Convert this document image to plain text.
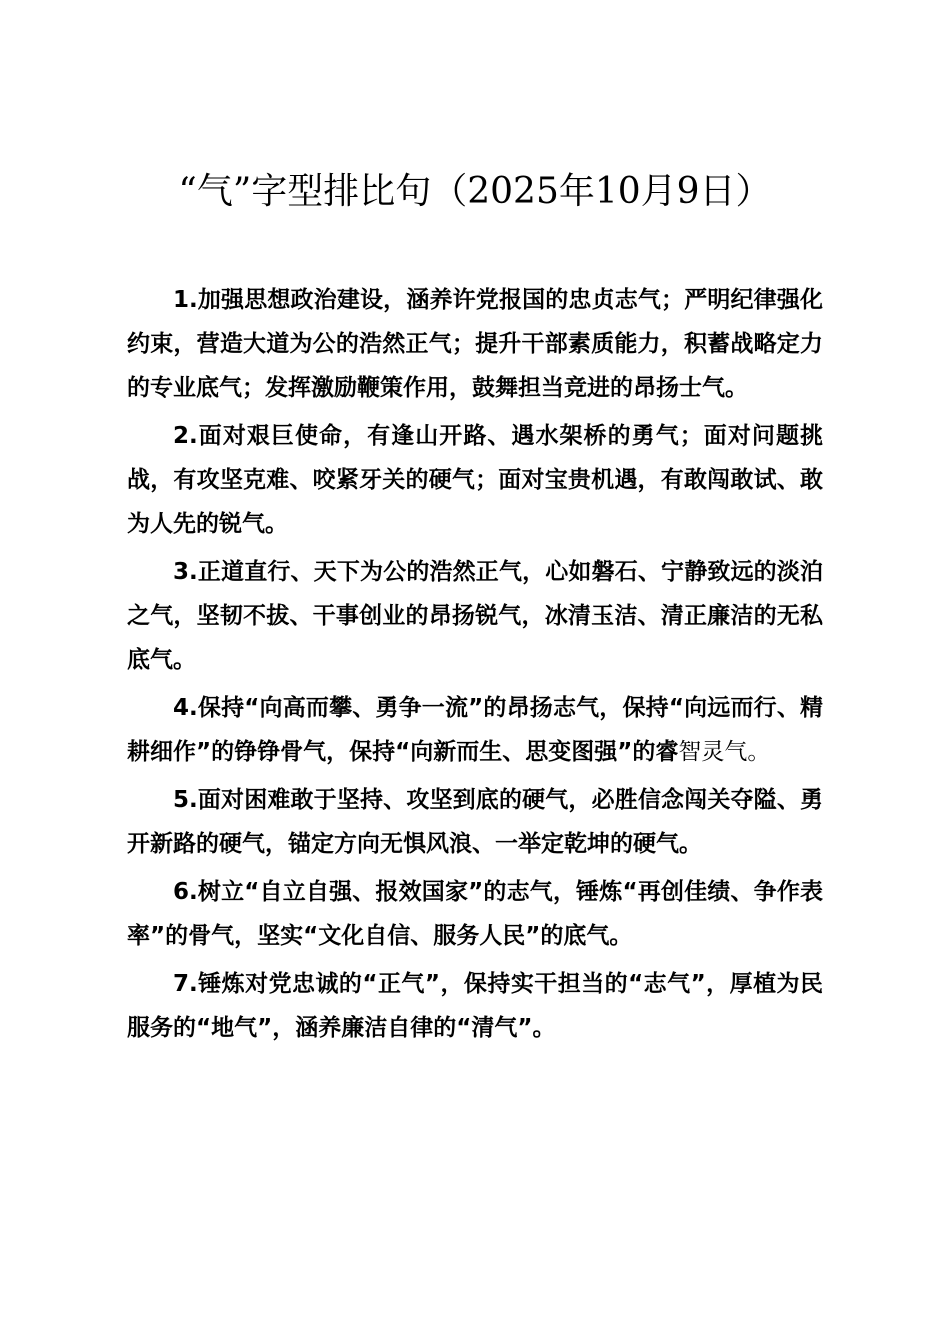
“气”字型排比句（2025年10月9日）

1.加强思想政治建设，涵养许党报国的忠贞志气；严明纪律强化约束，营造大道为公的浩然正气；提升干部素质能力，积蓄战略定力的专业底气；发挥激励鞭策作用，鼓舞担当竞进的昂扬士气。

2.面对艰巨使命，有逢山开路、遇水架桥的勇气；面对问题挑战，有攻坚克难、咬紧牙关的硬气；面对宝贵机遇，有敢闯敢试、敢为人先的锐气。

3.正道直行、天下为公的浩然正气，心如磐石、宁静致远的淡泊之气，坚韧不拔、干事创业的昂扬锐气，冰清玉洁、清正廉洁的无私底气。

4.保持“向高而攀、勇争一流”的昂扬志气，保持“向远而行、精耕细作”的铮铮骨气，保持“向新而生、思变图强”的睿智灵气。

5.面对困难敢于坚持、攻坚到底的硬气，必胜信念闯关夺隘、勇开新路的硬气，锚定方向无惧风浪、一举定乾坤的硬气。

6.树立“自立自强、报效国家”的志气，锤炼“再创佳绩、争作表率”的骨气，坚实“文化自信、服务人民”的底气。

7.锤炼对党忠诚的“正气”，保持实干担当的“志气”，厚植为民服务的“地气”，涵养廉洁自律的“清气”。
